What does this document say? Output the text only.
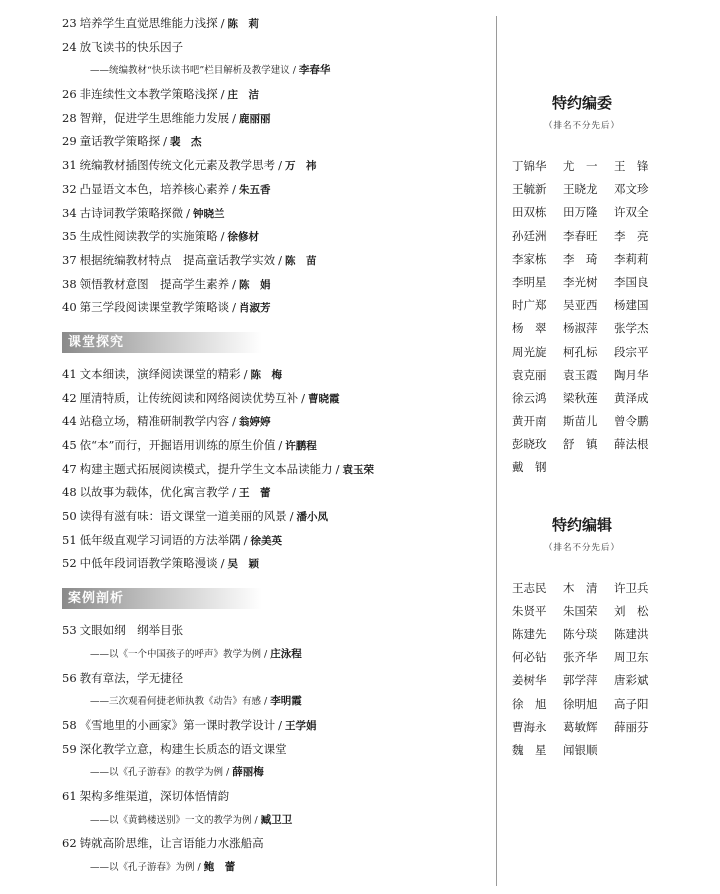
23 培养学生直觉思维能力浅探 / 陈　莉
24 放飞读书的快乐因子
——统编教材“快乐读书吧”栏目解析及教学建议 / 李春华
26 非连续性文本教学策略浅探 / 庄　洁
28 智辩，促进学生思维能力发展 / 鹿丽丽
29 童话教学策略探 / 裴　杰
31 统编教材插图传统文化元素及教学思考 / 万　祎
32 凸显语文本色，培养核心素养 / 朱五香
34 古诗词教学策略探微 / 钟晓兰
35 生成性阅读教学的实施策略 / 徐修材
37 根据统编教材特点　提高童话教学实效 / 陈　苗
38 领悟教材意图　提高学生素养 / 陈　娟
40 第三学段阅读课堂教学策略谈 / 肖淑芳
课堂探究
41 文本细读，演绎阅读课堂的精彩 / 陈　梅
42 厘清特质，让传统阅读和网络阅读优势互补 / 曹晓霞
44 站稳立场，精准研制教学内容 / 翁婷婷
45 依“本”而行，开掘语用训练的原生价值 / 许鹏程
47 构建主题式拓展阅读模式，提升学生文本品读能力 / 袁玉荣
48 以故事为载体，优化寓言教学 / 王　蕾
50 读得有滋有味：语文课堂一道美丽的风景 / 潘小凤
51 低年级直观学习词语的方法举隅 / 徐美英
52 中低年段词语教学策略漫谈 / 吴　颖
案例剖析
53 文眼如纲　纲举目张
——以《一个中国孩子的呼声》教学为例 / 庄泳程
56 教有章法，学无捷径
——三次观看何捷老师执教《动告》有感 / 李明霞
58 《雪地里的小画家》第一课时教学设计 / 王学娟
59 深化教学立意，构建生长质态的语文课堂
——以《孔子游春》的教学为例 / 薛丽梅
61 架构多维渠道，深切体悟情韵
——以《黄鹤楼送别》一文的教学为例 / 臧卫卫
62 铸就高阶思维，让言语能力水涨船高
——以《孔子游春》为例 / 鲍　蕾
特约编委
（排名不分先后）
丁锦华 尤　一 王　锋
王毓新 王晓龙 邓文珍
田双栋 田万隆 许双全
孙廷洲 李春旺 李　亮
李家栋 李　琦 李莉莉
李明星 李光树 李国良
时广郑 吴亚西 杨建国
杨　翠 杨淑萍 张学杰
周光旋 柯孔标 段宗平
袁克丽 袁玉霞 陶月华
徐云鸿 梁秋莲 黄泽成
黄开南 斯苗儿 曾令鹏
彭晓玫 舒　镇 薛法根
戴　钢
特约编辑
（排名不分先后）
王志民 木　清 许卫兵
朱贤平 朱国荣 刘　松
陈建先 陈兮琰 陈建洪
何必钻 张齐华 周卫东
姜树华 郭学萍 唐彩斌
徐　旭 徐明旭 高子阳
曹海永 葛敏辉 薛丽芬
魏　星 闻银顺
